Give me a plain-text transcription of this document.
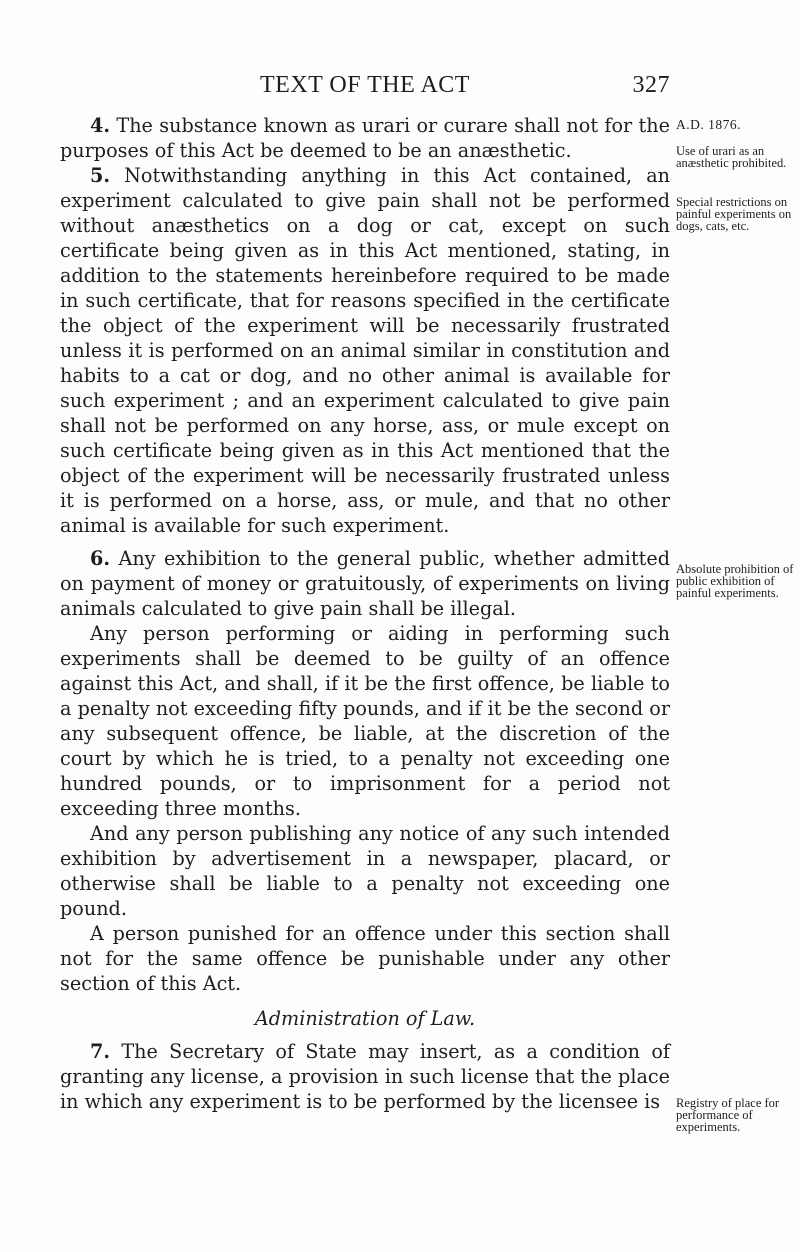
TEXT OF THE ACT	327

4. The substance known as urari or curare shall not for the purposes of this Act be deemed to be an anæsthetic.

5. Notwithstanding anything in this Act contained, an experiment calculated to give pain shall not be performed without anæsthetics on a dog or cat, except on such certificate being given as in this Act mentioned, stating, in addition to the statements hereinbefore required to be made in such certificate, that for reasons specified in the certificate the object of the experiment will be necessarily frustrated unless it is performed on an animal similar in constitution and habits to a cat or dog, and no other animal is available for such experiment ; and an experiment calculated to give pain shall not be performed on any horse, ass, or mule except on such certificate being given as in this Act mentioned that the object of the experiment will be necessarily frustrated unless it is performed on a horse, ass, or mule, and that no other animal is available for such experiment.

6. Any exhibition to the general public, whether admitted on payment of money or gratuitously, of experiments on living animals calculated to give pain shall be illegal.

Any person performing or aiding in performing such experiments shall be deemed to be guilty of an offence against this Act, and shall, if it be the first offence, be liable to a penalty not exceeding fifty pounds, and if it be the second or any subsequent offence, be liable, at the discretion of the court by which he is tried, to a penalty not exceeding one hundred pounds, or to imprisonment for a period not exceeding three months.

And any person publishing any notice of any such intended exhibition by advertisement in a newspaper, placard, or otherwise shall be liable to a penalty not exceeding one pound.

A person punished for an offence under this section shall not for the same offence be punishable under any other section of this Act.

Administration of Law.

7. The Secretary of State may insert, as a condition of granting any license, a provision in such license that the place in which any experiment is to be performed by the licensee is

A.D. 1876.
Use of urari as an anæsthetic prohibited.
Special restrictions on painful experiments on dogs, cats, etc.
Absolute prohibition of public exhibition of painful experiments.
Registry of place for performance of experiments.
